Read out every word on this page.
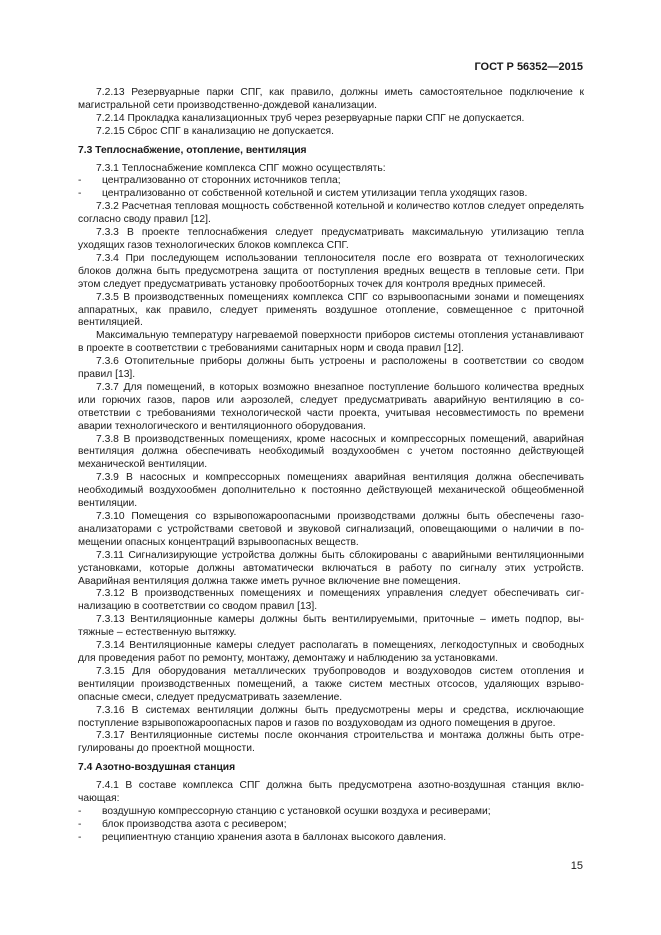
ГОСТ Р 56352—2015

7.2.13 Резервуарные парки СПГ, как правило, должны иметь самостоятельное подключение к магистральной сети производственно-дождевой канализации.

7.2.14 Прокладка канализационных труб через резервуарные парки СПГ не допускается.

7.2.15 Сброс СПГ в канализацию не допускается.

7.3 Теплоснабжение, отопление, вентиляция

7.3.1 Теплоснабжение комплекса СПГ можно осуществлять:

- централизованно от сторонних источников тепла;

- централизованно от собственной котельной и систем утилизации тепла уходящих газов.

7.3.2 Расчетная тепловая мощность собственной котельной и количество котлов следует определять согласно своду правил [12].

7.3.3 В проекте теплоснабжения следует предусматривать максимальную утилизацию тепла уходящих газов технологических блоков комплекса СПГ.

7.3.4 При последующем использовании теплоносителя после его возврата от технологических блоков должна быть предусмотрена защита от поступления вредных веществ в тепловые сети. При этом следует предусматривать установку пробоотборных точек для контроля вредных примесей.

7.3.5 В производственных помещениях комплекса СПГ со взрывоопасными зонами и помещениях аппаратных, как правило, следует применять воздушное отопление, совмещенное с приточной вентиляцией.

Максимальную температуру нагреваемой поверхности приборов системы отопления устанавливают в проекте в соответствии с требованиями санитарных норм и свода правил [12].

7.3.6 Отопительные приборы должны быть устроены и расположены в соответствии со сводом правил [13].

7.3.7 Для помещений, в которых возможно внезапное поступление большого количества вредных или горючих газов, паров или аэрозолей, следует предусматривать аварийную вентиляцию в соответствии с требованиями технологической части проекта, учитывая несовместимость по времени аварии технологического и вентиляционного оборудования.

7.3.8 В производственных помещениях, кроме насосных и компрессорных помещений, аварийная вентиляция должна обеспечивать необходимый воздухообмен с учетом постоянно действующей механической вентиляции.

7.3.9 В насосных и компрессорных помещениях аварийная вентиляция должна обеспечивать необходимый воздухообмен дополнительно к постоянно действующей механической общеобменной вентиляции.

7.3.10 Помещения со взрывопожароопасными производствами должны быть обеспечены газоанализаторами с устройствами световой и звуковой сигнализаций, оповещающими о наличии в помещении опасных концентраций взрывоопасных веществ.

7.3.11 Сигнализирующие устройства должны быть сблокированы с аварийными вентиляционными установками, которые должны автоматически включаться в работу по сигналу этих устройств. Аварийная вентиляция должна также иметь ручное включение вне помещения.

7.3.12 В производственных помещениях и помещениях управления следует обеспечивать сигнализацию в соответствии со сводом правил [13].

7.3.13 Вентиляционные камеры должны быть вентилируемыми, приточные – иметь подпор, вытяжные – естественную вытяжку.

7.3.14 Вентиляционные камеры следует располагать в помещениях, легкодоступных и свободных для проведения работ по ремонту, монтажу, демонтажу и наблюдению за установками.

7.3.15 Для оборудования металлических трубопроводов и воздуховодов систем отопления и вентиляции производственных помещений, а также систем местных отсосов, удаляющих взрывоопасные смеси, следует предусматривать заземление.

7.3.16 В системах вентиляции должны быть предусмотрены меры и средства, исключающие поступление взрывопожароопасных паров и газов по воздуховодам из одного помещения в другое.

7.3.17 Вентиляционные системы после окончания строительства и монтажа должны быть отрегулированы до проектной мощности.

7.4 Азотно-воздушная станция

7.4.1 В составе комплекса СПГ должна быть предусмотрена азотно-воздушная станция включающая:

- воздушную компрессорную станцию с установкой осушки воздуха и ресиверами;

- блок производства азота с ресивером;

- реципиентную станцию хранения азота в баллонах высокого давления.

15
